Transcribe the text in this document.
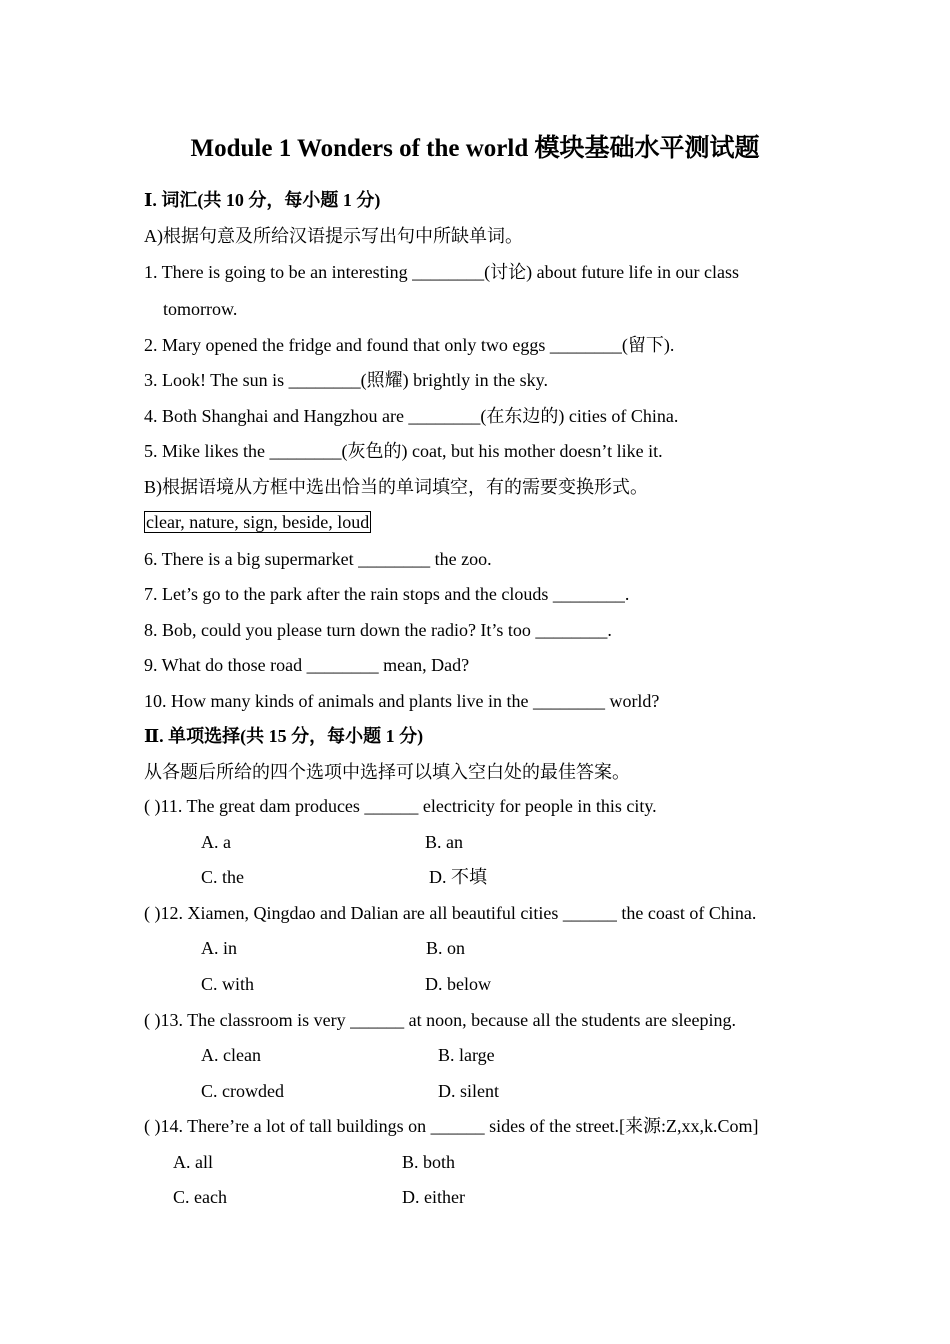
Module 1 Wonders of the world 模块基础水平测试题
Ⅰ. 词汇(共 10 分，每小题 1 分)
A)根据句意及所给汉语提示写出句中所缺单词。
1. There is going to be an interesting ________(讨论) about future life in our class
tomorrow.
2. Mary opened the fridge and found that only two eggs ________(留下).
3. Look! The sun is ________(照耀) brightly in the sky.
4. Both Shanghai and Hangzhou are ________(在东边的) cities of China.
5. Mike likes the ________(灰色的) coat, but his mother doesn’t like it.
B)根据语境从方框中选出恰当的单词填空，有的需要变换形式。
clear, nature, sign, beside, loud
6. There is a big supermarket ________ the zoo.
7. Let’s go to the park after the rain stops and the clouds ________.
8. Bob, could you please turn down the radio? It’s too ________.
9. What do those road ________ mean, Dad?
10. How many kinds of animals and plants live in the ________ world?
Ⅱ. 单项选择(共 15 分，每小题 1 分)
从各题后所给的四个选项中选择可以填入空白处的最佳答案。
( )11. The great dam produces ______ electricity for people in this city.
A. a	B. an
C. the	D. 不填
( )12. Xiamen, Qingdao and Dalian are all beautiful cities ______ the coast of China.
A. in	B. on
C. with	D. below
( )13. The classroom is very ______ at noon, because all the students are sleeping.
A. clean	B. large
C. crowded	D. silent
( )14. There’re a lot of tall buildings on ______ sides of the street.[来源:Z,xx,k.Com]
A. all	B. both
C. each	D. either
